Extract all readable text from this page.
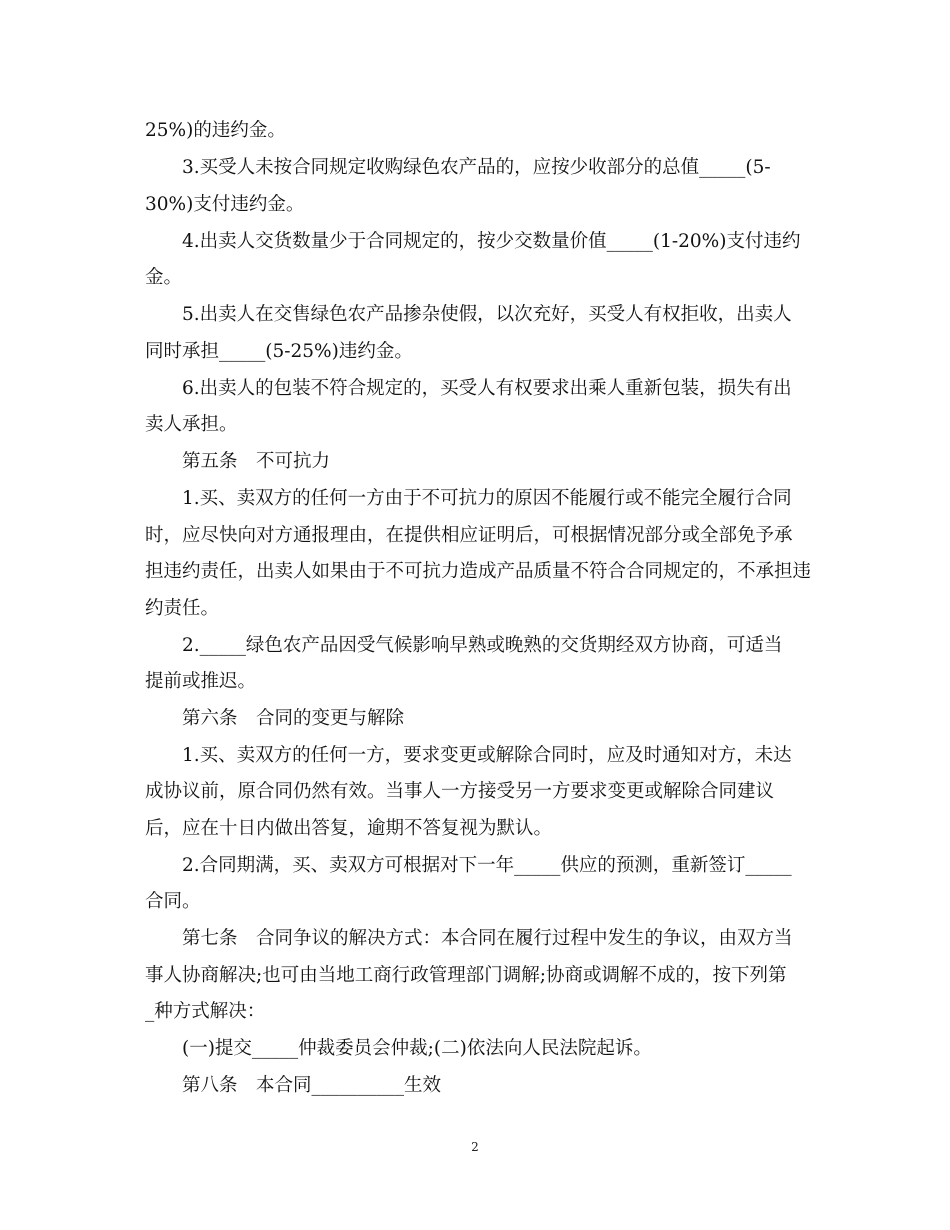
25%)的违约金。
3.买受人未按合同规定收购绿色农产品的，应按少收部分的总值_____(5-
30%)支付违约金。
4.出卖人交货数量少于合同规定的，按少交数量价值_____(1-20%)支付违约
金。
5.出卖人在交售绿色农产品掺杂使假，以次充好，买受人有权拒收，出卖人
同时承担_____(5-25%)违约金。
6.出卖人的包装不符合规定的，买受人有权要求出乘人重新包装，损失有出
卖人承担。
第五条　不可抗力
1.买、卖双方的任何一方由于不可抗力的原因不能履行或不能完全履行合同
时，应尽快向对方通报理由，在提供相应证明后，可根据情况部分或全部免予承
担违约责任，出卖人如果由于不可抗力造成产品质量不符合合同规定的，不承担违
约责任。
2._____绿色农产品因受气候影响早熟或晚熟的交货期经双方协商，可适当
提前或推迟。
第六条　合同的变更与解除
1.买、卖双方的任何一方，要求变更或解除合同时，应及时通知对方，未达
成协议前，原合同仍然有效。当事人一方接受另一方要求变更或解除合同建议
后，应在十日内做出答复，逾期不答复视为默认。
2.合同期满，买、卖双方可根据对下一年_____供应的预测，重新签订_____
合同。
第七条　合同争议的解决方式：本合同在履行过程中发生的争议，由双方当
事人协商解决;也可由当地工商行政管理部门调解;协商或调解不成的，按下列第
_种方式解决：
(一)提交_____仲裁委员会仲裁;(二)依法向人民法院起诉。
第八条　本合同__________生效
2
